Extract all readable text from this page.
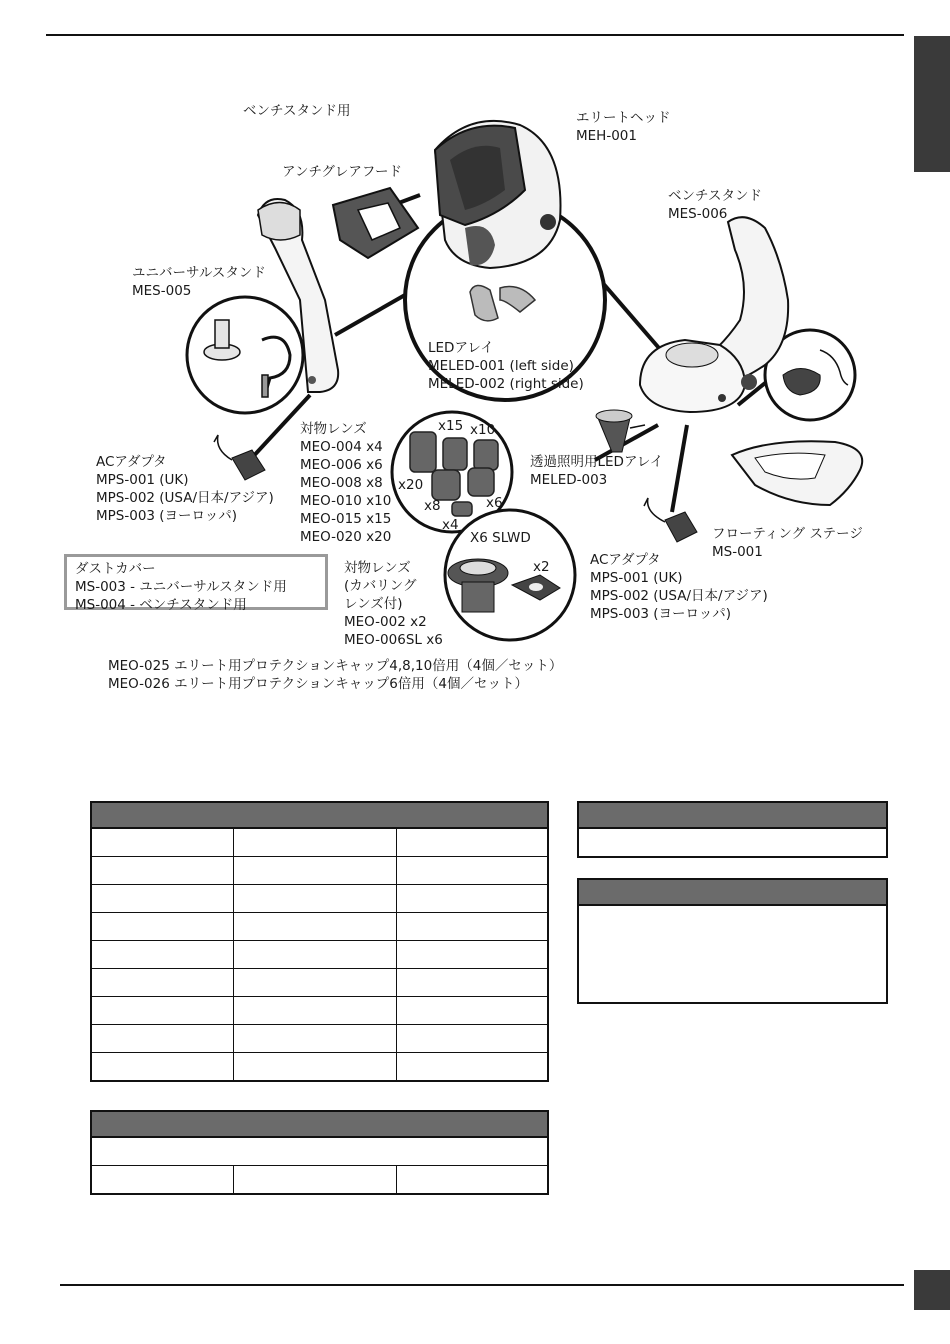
ベンチスタンド用	エリートヘッド
MEH-001
アンチグレアフード
ベンチスタンド
MES-006
ユニバーサルスタンド
MES-005
LEDアレイ
MELED-001 (left side)
MELED-002 (right side)
対物レンズ
MEO-004 x4
MEO-006 x6
MEO-008 x8
MEO-010 x10
MEO-015 x15
MEO-020 x20
x15 x10
x20
x8	x6
x4
透過照明用LEDアレイ
MELED-003
ACアダプタ
MPS-001 (UK)
MPS-002 (USA/日本/アジア)
MPS-003 (ヨーロッパ)
X6 SLWD
x2
フローティング ステージ
MS-001
ACアダプタ
MPS-001 (UK)
MPS-002 (USA/日本/アジア)
MPS-003 (ヨーロッパ)
対物レンズ
(カバリング
レンズ付)
MEO-002 x2
MEO-006SL x6
ダストカバー
MS-003 - ユニバーサルスタンド用
MS-004 - ベンチスタンド用
MEO-025 エリート用プロテクションキャップ4,8,10倍用（4個／セット）
MEO-026 エリート用プロテクションキャップ6倍用（4個／セット）
